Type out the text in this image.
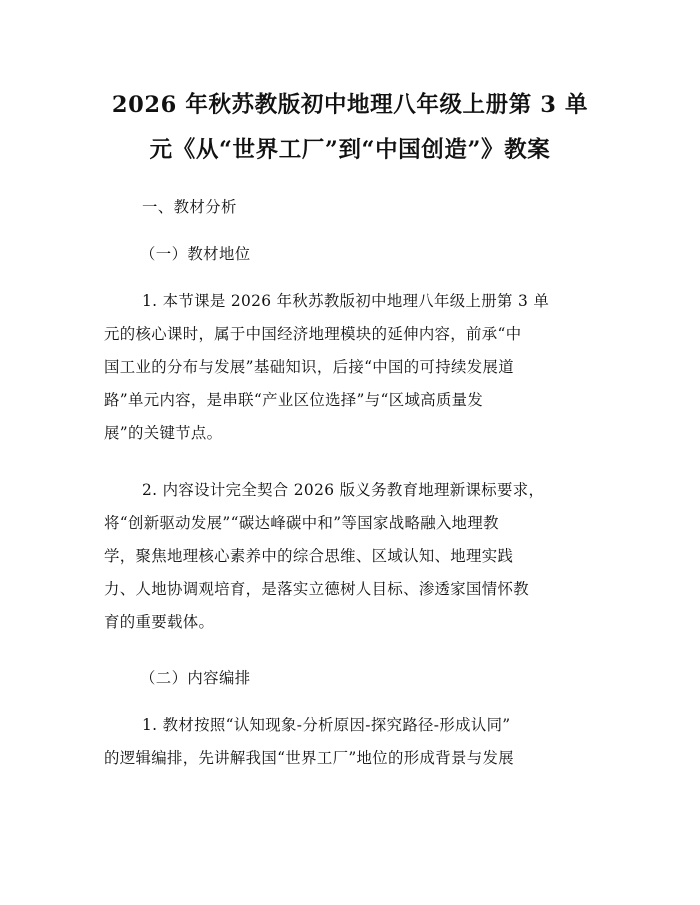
2026 年秋苏教版初中地理八年级上册第 3 单
元《从“世界工厂”到“中国创造”》教案
一、教材分析
（一）教材地位
1. 本节课是 2026 年秋苏教版初中地理八年级上册第 3 单
元的核心课时，属于中国经济地理模块的延伸内容，前承“中
国工业的分布与发展”基础知识，后接“中国的可持续发展道
路”单元内容，是串联“产业区位选择”与“区域高质量发
展”的关键节点。
2. 内容设计完全契合 2026 版义务教育地理新课标要求，
将“创新驱动发展”“碳达峰碳中和”等国家战略融入地理教
学，聚焦地理核心素养中的综合思维、区域认知、地理实践
力、人地协调观培育，是落实立德树人目标、渗透家国情怀教
育的重要载体。
（二）内容编排
1. 教材按照“认知现象-分析原因-探究路径-形成认同”
的逻辑编排，先讲解我国“世界工厂”地位的形成背景与发展
